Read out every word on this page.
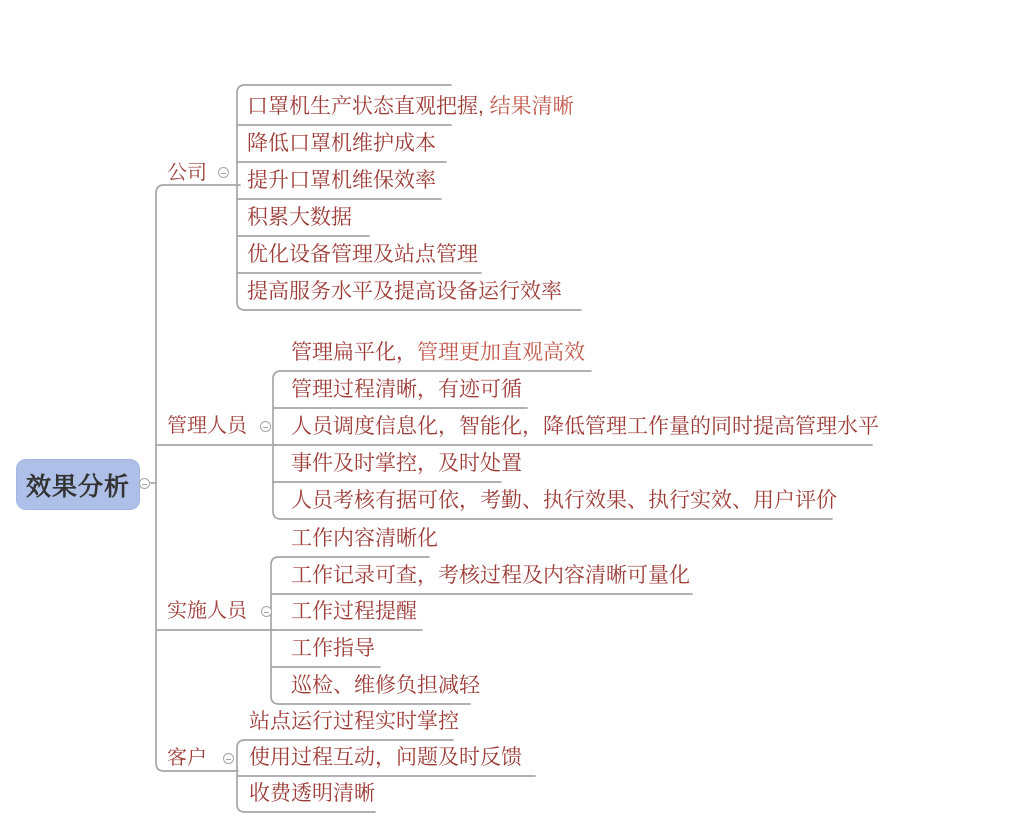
效果分析
公司
管理人员
实施人员
客户
口罩机生产状态直观把握, 结果清晰
降低口罩机维护成本
提升口罩机维保效率
积累大数据
优化设备管理及站点管理
提高服务水平及提高设备运行效率
管理扁平化，管理更加直观高效
管理过程清晰，有迹可循
人员调度信息化，智能化，降低管理工作量的同时提高管理水平
事件及时掌控，及时处置
人员考核有据可依，考勤、执行效果、执行实效、用户评价
工作内容清晰化
工作记录可查，考核过程及内容清晰可量化
工作过程提醒
工作指导
巡检、维修负担减轻
站点运行过程实时掌控
使用过程互动，问题及时反馈
收费透明清晰
